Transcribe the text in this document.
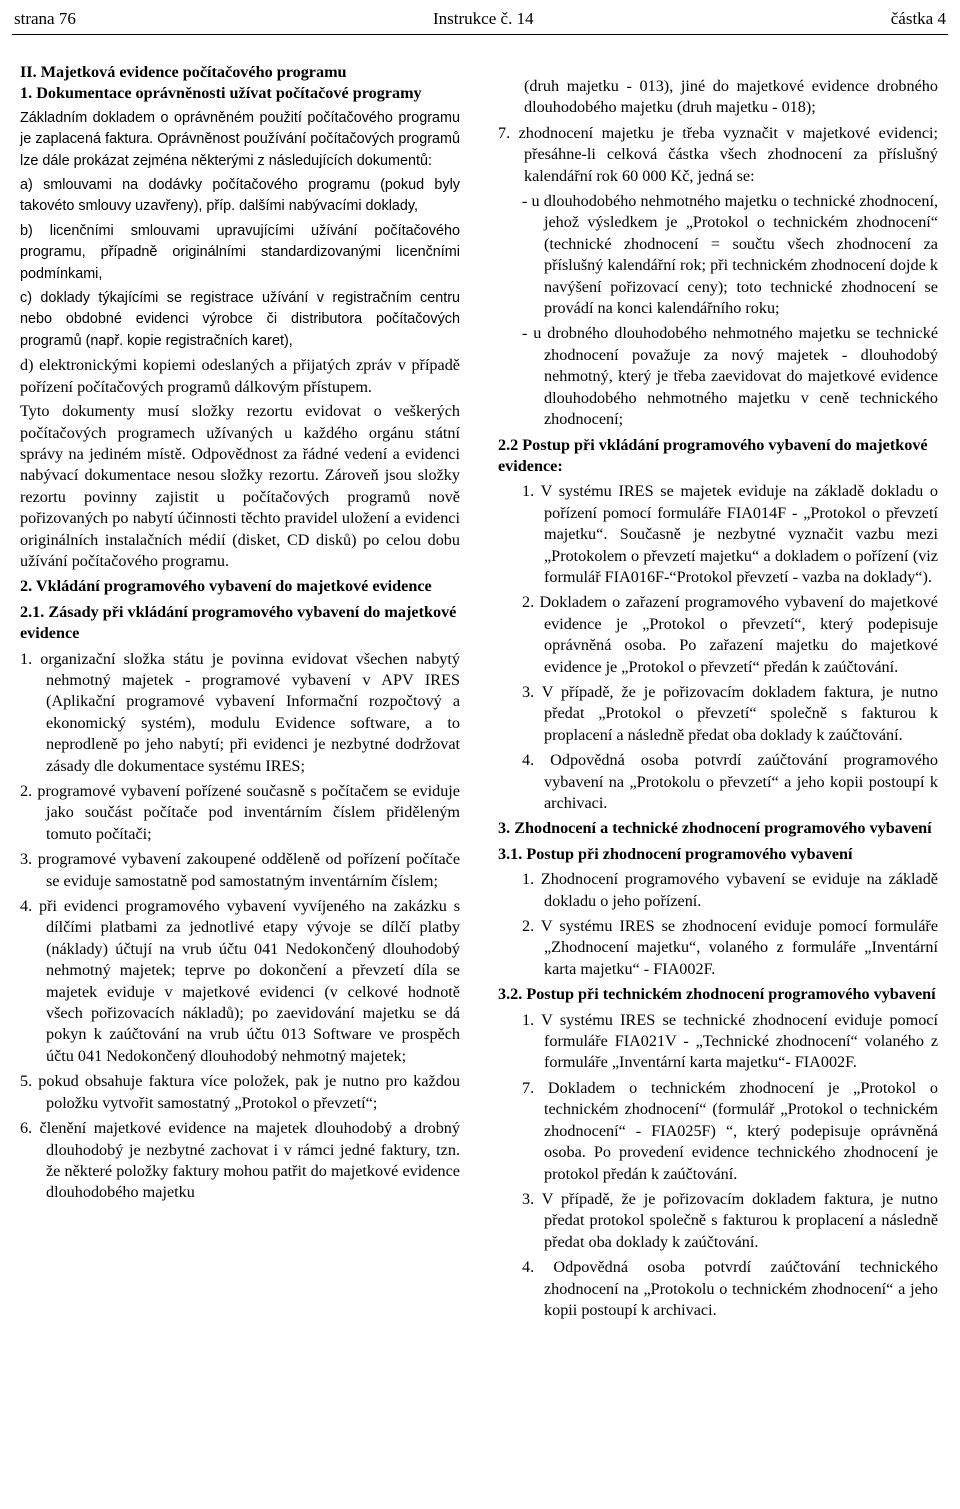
strana 76	Instrukce č. 14	částka 4

II. Majetková evidence počítačového programu

1. Dokumentace oprávněnosti užívat počítačové programy

Základním dokladem o oprávněném použití počítačového programu je zaplacená faktura. Oprávněnost používání počítačových programů lze dále prokázat zejména některými z následujících dokumentů:

a) smlouvami na dodávky počítačového programu (pokud byly takovéto smlouvy uzavřeny), příp. dalšími nabývacími doklady,

b) licenčními smlouvami upravujícími užívání počítačového programu, případně originálními standardizovanými licenčními podmínkami,

c) doklady týkajícími se registrace užívání v registračním centru nebo obdobné evidenci výrobce či distributora počítačových programů (např. kopie registračních karet),

d) elektronickými kopiemi odeslaných a přijatých zpráv v případě pořízení počítačových programů dálkovým přístupem.

Tyto dokumenty musí složky rezortu evidovat o veškerých počítačových programech užívaných u každého orgánu státní správy na jediném místě. Odpovědnost za řádné vedení a evidenci nabývací dokumentace nesou složky rezortu. Zároveň jsou složky rezortu povinny zajistit u počítačových programů nově pořizovaných po nabytí účinnosti těchto pravidel uložení a evidenci originálních instalačních médií (disket, CD disků) po celou dobu užívání počítačového programu.

2. Vkládání programového vybavení do majetkové evidence

2.1. Zásady při vkládání programového vybavení do majetkové evidence

1. organizační složka státu je povinna evidovat všechen nabytý nehmotný majetek - programové vybavení v APV IRES (Aplikační programové vybavení Informační rozpočtový a ekonomický systém), modulu Evidence software, a to neprodleně po jeho nabytí; při evidenci je nezbytné dodržovat zásady dle dokumentace systému IRES;

2. programové vybavení pořízené současně s počítačem se eviduje jako součást počítače pod inventárním číslem přiděleným tomuto počítači;

3. programové vybavení zakoupené odděleně od pořízení počítače se eviduje samostatně pod samostatným inventárním číslem;

4. při evidenci programového vybavení vyvíjeného na zakázku s dílčími platbami za jednotlivé etapy vývoje se dílčí platby (náklady) účtují na vrub účtu 041 Nedokončený dlouhodobý nehmotný majetek; teprve po dokončení a převzetí díla se majetek eviduje v majetkové evidenci (v celkové hodnotě všech pořizovacích nákladů); po zaevidování majetku se dá pokyn k zaúčtování na vrub účtu 013 Software ve prospěch účtu 041 Nedokončený dlouhodobý nehmotný majetek;

5. pokud obsahuje faktura více položek, pak je nutno pro každou položku vytvořit samostatný „Protokol o převzetí“;

6. členění majetkové evidence na majetek dlouhodobý a drobný dlouhodobý je nezbytné zachovat i v rámci jedné faktury, tzn. že některé položky faktury mohou patřit do majetkové evidence dlouhodobého majetku

(druh majetku - 013), jiné do majetkové evidence drobného dlouhodobého majetku (druh majetku - 018);

7. zhodnocení majetku je třeba vyznačit v majetkové evidenci; přesáhne-li celková částka všech zhodnocení za příslušný kalendářní rok 60 000 Kč, jedná se:

- u dlouhodobého nehmotného majetku o technické zhodnocení, jehož výsledkem je „Protokol o technickém zhodnocení“ (technické zhodnocení = součtu všech zhodnocení za příslušný kalendářní rok; při technickém zhodnocení dojde k navýšení pořizovací ceny); toto technické zhodnocení se provádí na konci kalendářního roku;

- u drobného dlouhodobého nehmotného majetku se technické zhodnocení považuje za nový majetek - dlouhodobý nehmotný, který je třeba zaevidovat do majetkové evidence dlouhodobého nehmotného majetku v ceně technického zhodnocení;

2.2 Postup při vkládání programového vybavení do majetkové evidence:

1. V systému IRES se majetek eviduje na základě dokladu o pořízení pomocí formuláře FIA014F - „Protokol o převzetí majetku“. Současně je nezbytné vyznačit vazbu mezi „Protokolem o převzetí majetku“ a dokladem o pořízení (viz formulář FIA016F-“Protokol převzetí - vazba na doklady“).

2. Dokladem o zařazení programového vybavení do majetkové evidence je „Protokol o převzetí“, který podepisuje oprávněná osoba. Po zařazení majetku do majetkové evidence je „Protokol o převzetí“ předán k zaúčtování.

3. V případě, že je pořizovacím dokladem faktura, je nutno předat „Protokol o převzetí“ společně s fakturou k proplacení a následně předat oba doklady k zaúčtování.

4. Odpovědná osoba potvrdí zaúčtování programového vybavení na „Protokolu o převzetí“ a jeho kopii postoupí k archivaci.

3. Zhodnocení a technické zhodnocení programového vybavení

3.1. Postup při zhodnocení programového vybavení

1. Zhodnocení programového vybavení se eviduje na základě dokladu o jeho pořízení.

2. V systému IRES se zhodnocení eviduje pomocí formuláře „Zhodnocení majetku“, volaného z formuláře „Inventární karta majetku“ - FIA002F.

3.2. Postup při technickém zhodnocení programového vybavení

1. V systému IRES se technické zhodnocení eviduje pomocí formuláře FIA021V - „Technické zhodnocení“ volaného z formuláře „Inventární karta majetku“- FIA002F.

7. Dokladem o technickém zhodnocení je „Protokol o technickém zhodnocení“ (formulář „Protokol o technickém zhodnocení“ - FIA025F) “, který podepisuje oprávněná osoba. Po provedení evidence technického zhodnocení je protokol předán k zaúčtování.

3. V případě, že je pořizovacím dokladem faktura, je nutno předat protokol společně s fakturou k proplacení a následně předat oba doklady k zaúčtování.

4. Odpovědná osoba potvrdí zaúčtování technického zhodnocení na „Protokolu o technickém zhodnocení“ a jeho kopii postoupí k archivaci.
